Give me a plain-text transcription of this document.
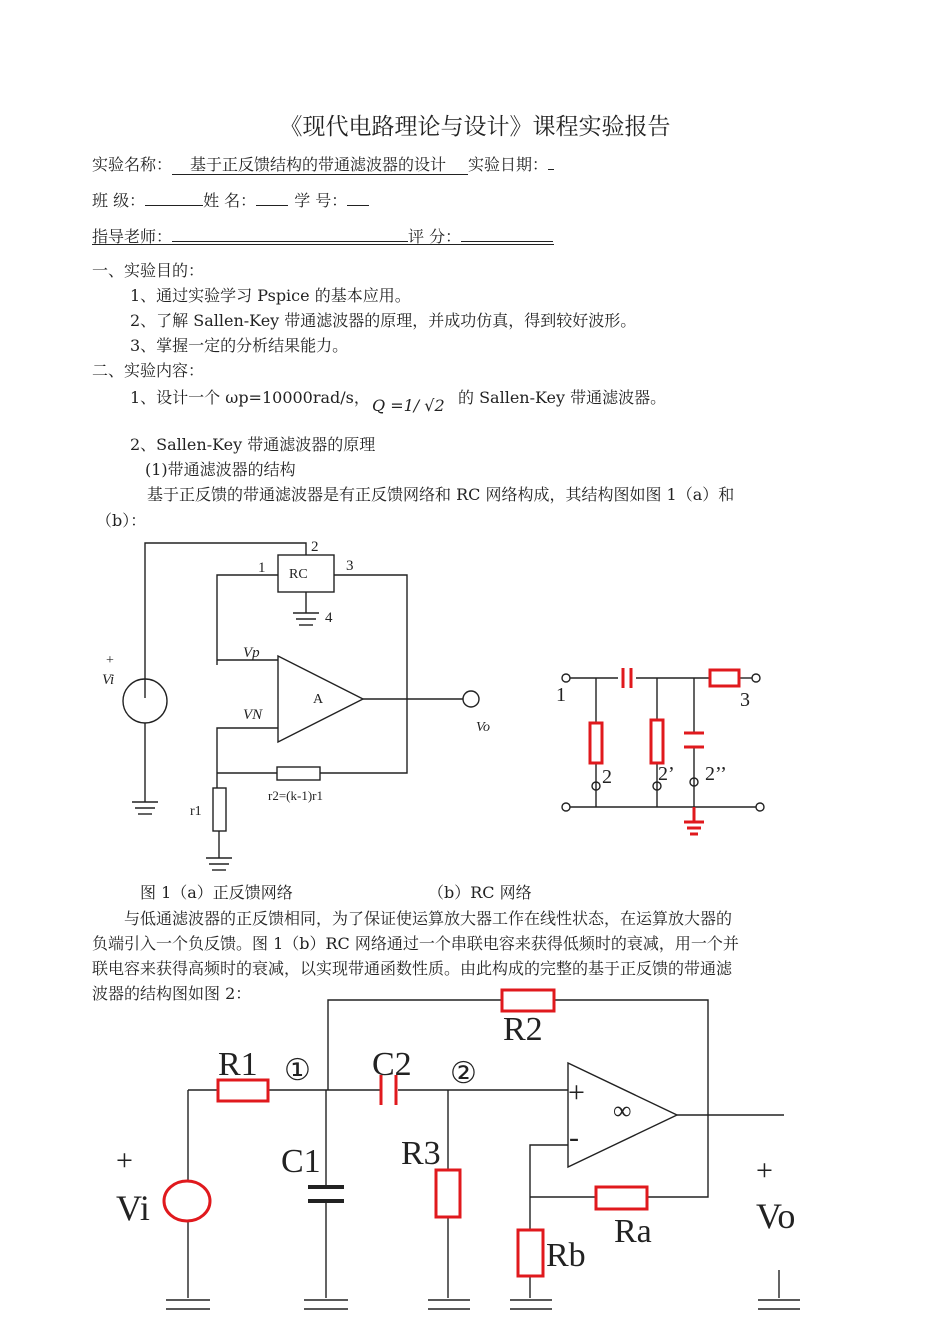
《现代电路理论与设计》课程实验报告
实验名称： 基于正反馈结构的带通滤波器的设计 实验日期：
班 级：	姓 名： 学 号：
指导老师：	评 分：
一、实验目的：
1、通过实验学习 Pspice 的基本应用。
2、了解 Sallen-Key 带通滤波器的原理，并成功仿真，得到较好波形。
3、掌握一定的分析结果能力。
二、实验内容：
1、设计一个 ωp=10000rad/s， Q =1/ √2 的 Sallen-Key 带通滤波器。
2、Sallen-Key 带通滤波器的原理
(1)带通滤波器的结构
基于正反馈的带通滤波器是有正反馈网络和 RC 网络构成，其结构图如图 1（a）和
（b）：
图 1（a）正反馈网络	（b）RC 网络
与低通滤波器的正反馈相同，为了保证使运算放大器工作在线性状态，在运算放大器的
负端引入一个负反馈。图 1（b）RC 网络通过一个串联电容来获得低频时的衰减，用一个并
联电容来获得高频时的衰减，以实现带通函数性质。由此构成的完整的基于正反馈的带通滤
波器的结构图如图 2：
2
1 RC
3
4
Vp
VN
A
+
Vi
Vo
r1
r2=(k-1)r1
1	3
2 2’ 2’’
R2
R1 ① C2 ②
+
∞
-
+	C1 R3	+
Vi
Ra	Vo
Rb
